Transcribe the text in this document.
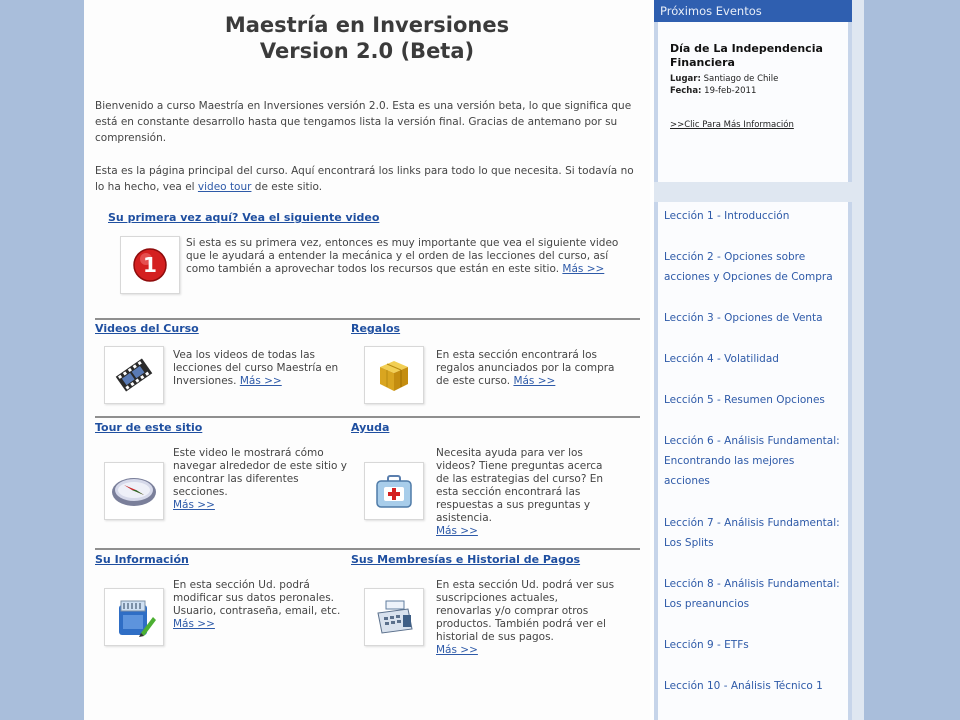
Maestría en Inversiones
Version 2.0 (Beta)

Bienvenido a curso Maestría en Inversiones versión 2.0. Esta es una versión beta, lo que significa que está en constante desarrollo hasta que tengamos lista la versión final. Gracias de antemano por su comprensión.

Esta es la página principal del curso. Aquí encontrará los links para todo lo que necesita. Si todavía no lo ha hecho, vea el video tour de este sitio.

Su primera vez aquí? Vea el siguiente video
1
Si esta es su primera vez, entonces es muy importante que vea el siguiente video que le ayudará a entender la mecánica y el orden de las lecciones del curso, así como también a aprovechar todos los recursos que están en este sitio. Más >>
Videos del Curso
Vea los videos de todas las lecciones del curso Maestría en Inversiones. Más >>
Regalos
En esta sección encontrará los regalos anunciados por la compra de este curso. Más >>
Tour de este sitio
Este video le mostrará cómo navegar alrededor de este sitio y encontrar las diferentes secciones.
Más >>
Ayuda
Necesita ayuda para ver los videos? Tiene preguntas acerca de las estrategias del curso? En esta sección encontrará las respuestas a sus preguntas y asistencia.
Más >>
Su Información
En esta sección Ud. podrá modificar sus datos peronales. Usuario, contraseña, email, etc.
Más >>
Sus Membresías e Historial de Pagos
En esta sección Ud. podrá ver sus suscripciones actuales, renovarlas y/o comprar otros productos. También podrá ver el historial de sus pagos.
Más >>
Próximos Eventos
Día de La Independencia Financiera
Lugar: Santiago de Chile
Fecha: 19-feb-2011
>>Clic Para Más Información
Lección 1 - Introducción
Lección 2 - Opciones sobre acciones y Opciones de Compra
Lección 3 - Opciones de Venta
Lección 4 - Volatilidad
Lección 5 - Resumen Opciones
Lección 6 - Análisis Fundamental: Encontrando las mejores acciones
Lección 7 - Análisis Fundamental: Los Splits
Lección 8 - Análisis Fundamental: Los preanuncios
Lección 9 - ETFs
Lección 10 - Análisis Técnico 1
